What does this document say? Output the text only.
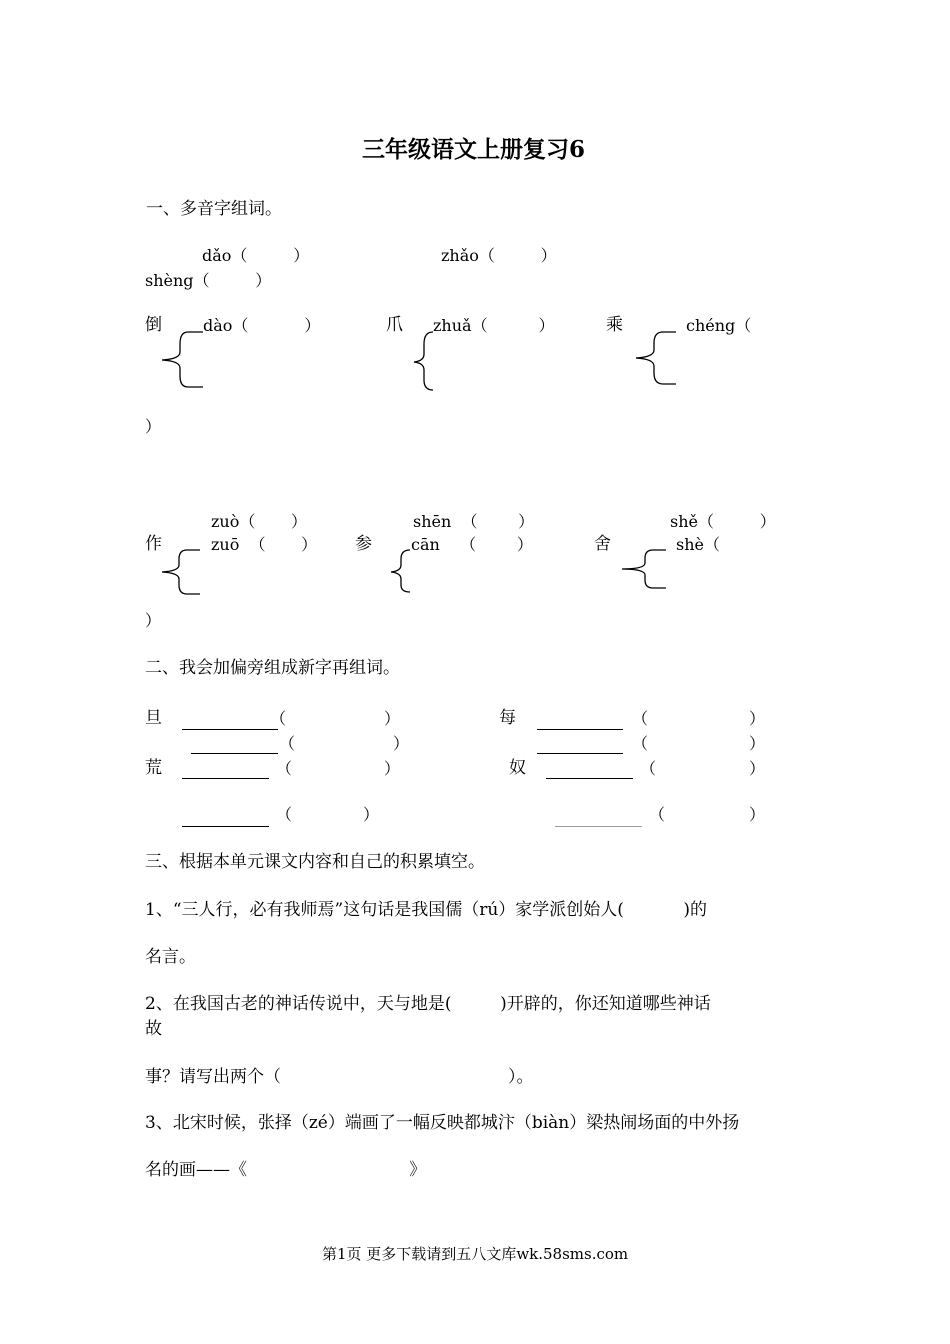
三年级语文上册复习6
一、多音字组词。
dǎo（         ）	zhǎo（         ）
shèng（         ）
倒	dào（           ）	爪 zhuǎ（          ）	乘	chéng（
）
zuò（       ）	shēn  （        ）	shě（         ）
作	zuō  （       ） 参 cān    （        ）	舍	shè（
）
二、我会加偏旁组成新字再组词。
旦	（	）	每	（	）
（	）	（	）
荒	（	）	奴	（	）
（	）	（	）
三、根据本单元课文内容和自己的积累填空。
1、“三人行，必有我师焉”这句话是我国儒（rú）家学派创始人(           )的
名言。
2、在我国古老的神话传说中，天与地是(         )开辟的，你还知道哪些神话
故
事？请写出两个（                                          ）。
3、北宋时候，张择（zé）端画了一幅反映都城汴（biàn）梁热闹场面的中外扬
名的画——《                              》
第1页 更多下载请到五八文库wk.58sms.com
